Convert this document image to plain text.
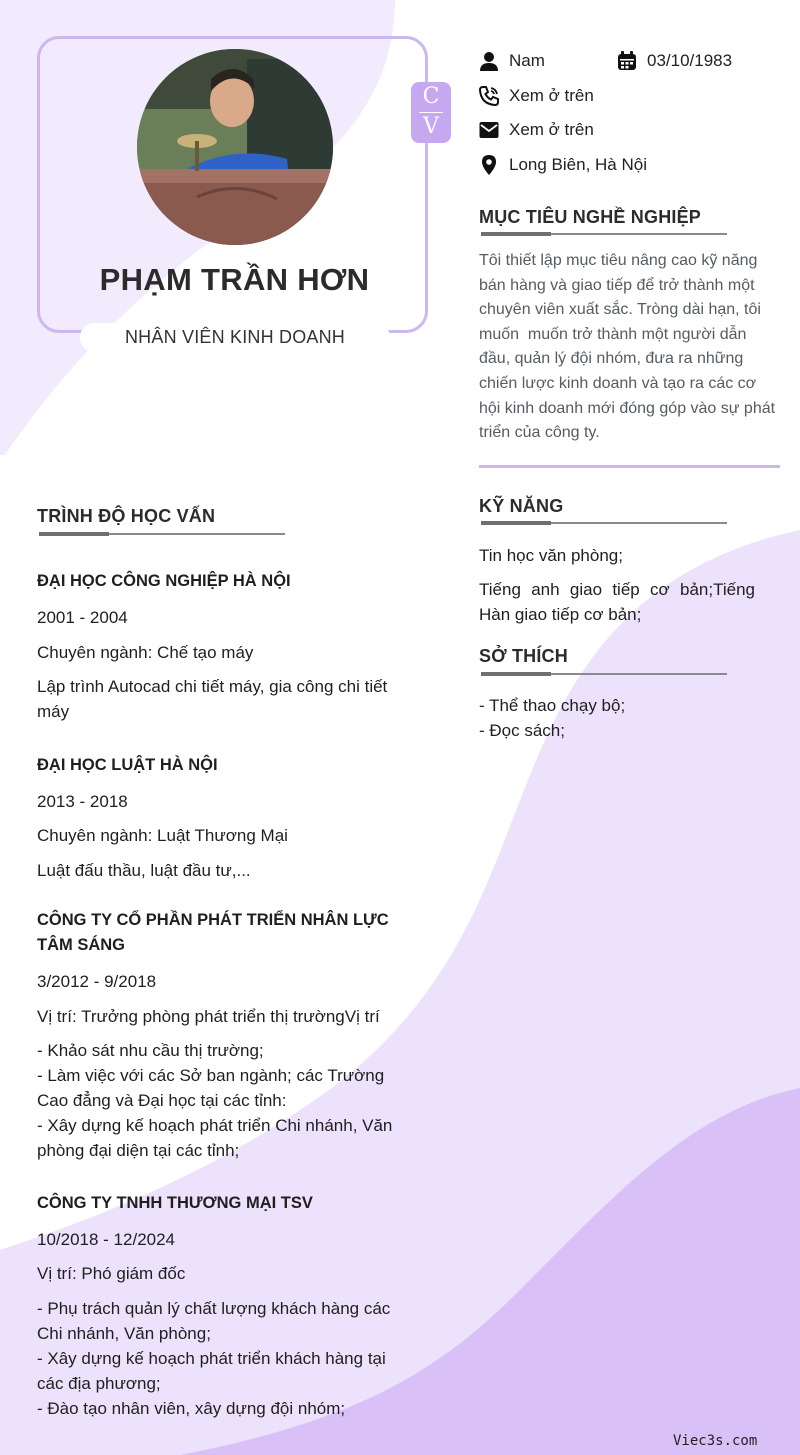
PHẠM TRẦN HƠN
NHÂN VIÊN KINH DOANH
C
V
Nam	03/10/1983
Xem ở trên
Xem ở trên
Long Biên, Hà Nội
MỤC TIÊU NGHỀ NGHIỆP
Tôi thiết lập mục tiêu nâng cao kỹ năng
bán hàng và giao tiếp để trở thành một
chuyên viên xuất sắc. Tròng dài hạn, tôi
muốn  muốn trở thành một người dẫn
đầu, quản lý đội nhóm, đưa ra những
chiến lược kinh doanh và tạo ra các cơ
hội kinh doanh mới đóng góp vào sự phát
triển của công ty.
KỸ NĂNG
Tin học văn phòng;
Tiếng anh giao tiếp cơ bản;Tiếng
Hàn giao tiếp cơ bản;
SỞ THÍCH
- Thể thao chạy bộ;
- Đọc sách;
TRÌNH ĐỘ HỌC VẤN
ĐẠI HỌC CÔNG NGHIỆP HÀ NỘI
2001 - 2004
Chuyên ngành: Chế tạo máy
Lập trình Autocad chi tiết máy, gia công chi tiết
máy
ĐẠI HỌC LUẬT HÀ NỘI
2013 - 2018
Chuyên ngành: Luật Thương Mại
Luật đấu thầu, luật đầu tư,...
CÔNG TY CỔ PHẦN PHÁT TRIỂN NHÂN LỰC
TÂM SÁNG
3/2012 - 9/2018
Vị trí: Trưởng phòng phát triển thị trườngVị trí
- Khảo sát nhu cầu thị trường;
- Làm việc với các Sở ban ngành; các Trường
Cao đẳng và Đại học tại các tỉnh:
- Xây dựng kế hoạch phát triển Chi nhánh, Văn
phòng đại diện tại các tỉnh;
CÔNG TY TNHH THƯƠNG MẠI TSV
10/2018 - 12/2024
Vị trí: Phó giám đốc
- Phụ trách quản lý chất lượng khách hàng các
Chi nhánh, Văn phòng;
- Xây dựng kế hoạch phát triển khách hàng tại
các địa phương;
- Đào tạo nhân viên, xây dựng đội nhóm;
Viec3s.com
